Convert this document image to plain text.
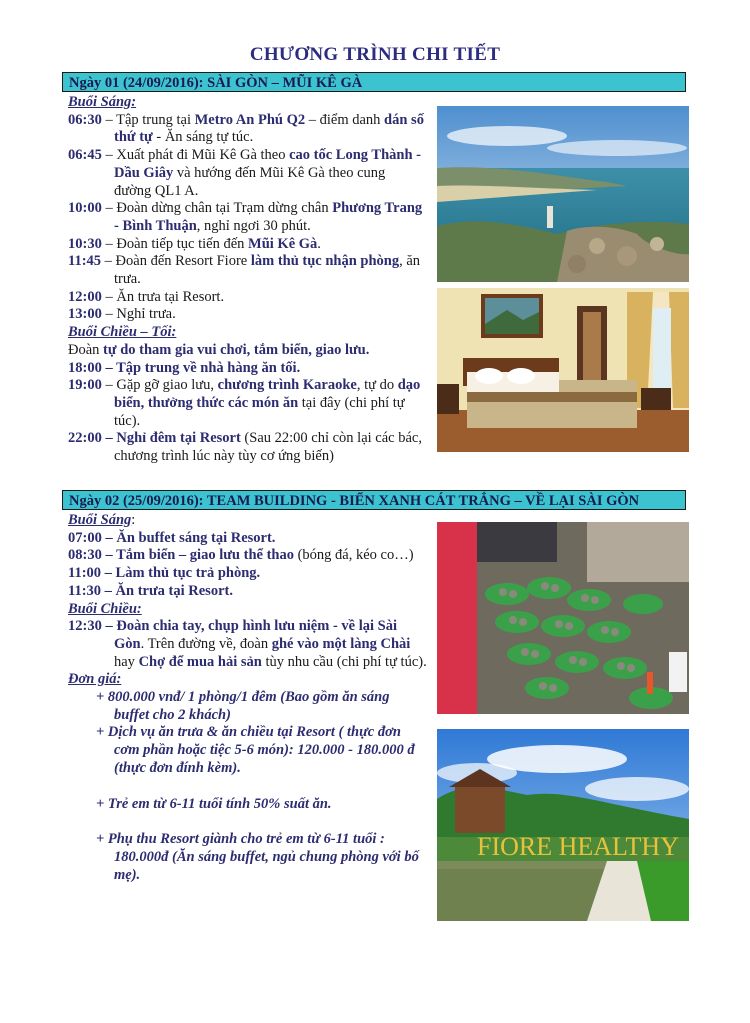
CHƯƠNG TRÌNH CHI TIẾT
Ngày 01 (24/09/2016): SÀI GÒN – MŨI KÊ GÀ
Buổi Sáng:
06:30 – Tập trung tại Metro An Phú Q2 – điểm danh dán số thứ tự - Ăn sáng tự túc.
06:45 – Xuất phát đi Mũi Kê Gà theo cao tốc Long Thành - Dầu Giây và hướng đến Mũi Kê Gà theo cung đường QL1 A.
10:00 – Đoàn dừng chân tại Trạm dừng chân Phương Trang - Bình Thuận, nghỉ ngơi 30 phút.
10:30 – Đoàn tiếp tục tiến đến Mũi Kê Gà.
11:45 – Đoàn đến Resort Fiore làm thủ tục nhận phòng, ăn trưa.
12:00 – Ăn trưa tại Resort.
13:00 – Nghỉ trưa.
Buổi Chiều – Tối:
Đoàn tự do tham gia vui chơi, tắm biển, giao lưu.
18:00 – Tập trung về nhà hàng ăn tối.
19:00 – Gặp gỡ giao lưu, chương trình Karaoke, tự do dạo biển, thưởng thức các món ăn tại đây (chi phí tự túc).
22:00 – Nghỉ đêm tại Resort (Sau 22:00 chỉ còn lại các bác, chương trình lúc này tùy cơ ứng biến)
Ngày 02 (25/09/2016): TEAM BUILDING - BIỂN XANH CÁT TRẮNG – VỀ LẠI SÀI GÒN
Buổi Sáng:
07:00 – Ăn buffet sáng tại Resort.
08:30 – Tắm biển – giao lưu thể thao (bóng đá, kéo co…)
11:00 – Làm thủ tục trả phòng.
11:30 – Ăn trưa tại Resort.
Buổi Chiều:
12:30 – Đoàn chia tay, chụp hình lưu niệm - về lại Sài Gòn. Trên đường về, đoàn ghé vào một làng Chài hay Chợ để mua hải sản tùy nhu cầu (chi phí tự túc).
Đơn giá:

+ 800.000 vnđ/ 1 phòng/1 đêm (Bao gồm ăn sáng buffet cho 2 khách)

+ Dịch vụ ăn trưa & ăn chiều tại Resort ( thực đơn cơm phần hoặc tiệc 5-6 món): 120.000 - 180.000 đ (thực đơn đính kèm).

+ Trẻ em từ 6-11 tuổi tính 50% suất ăn.

+ Phụ thu Resort giành cho trẻ em từ 6-11 tuổi : 180.000đ (Ăn sáng buffet, ngủ chung phòng với bố mẹ).

FIORE HEALTHY
